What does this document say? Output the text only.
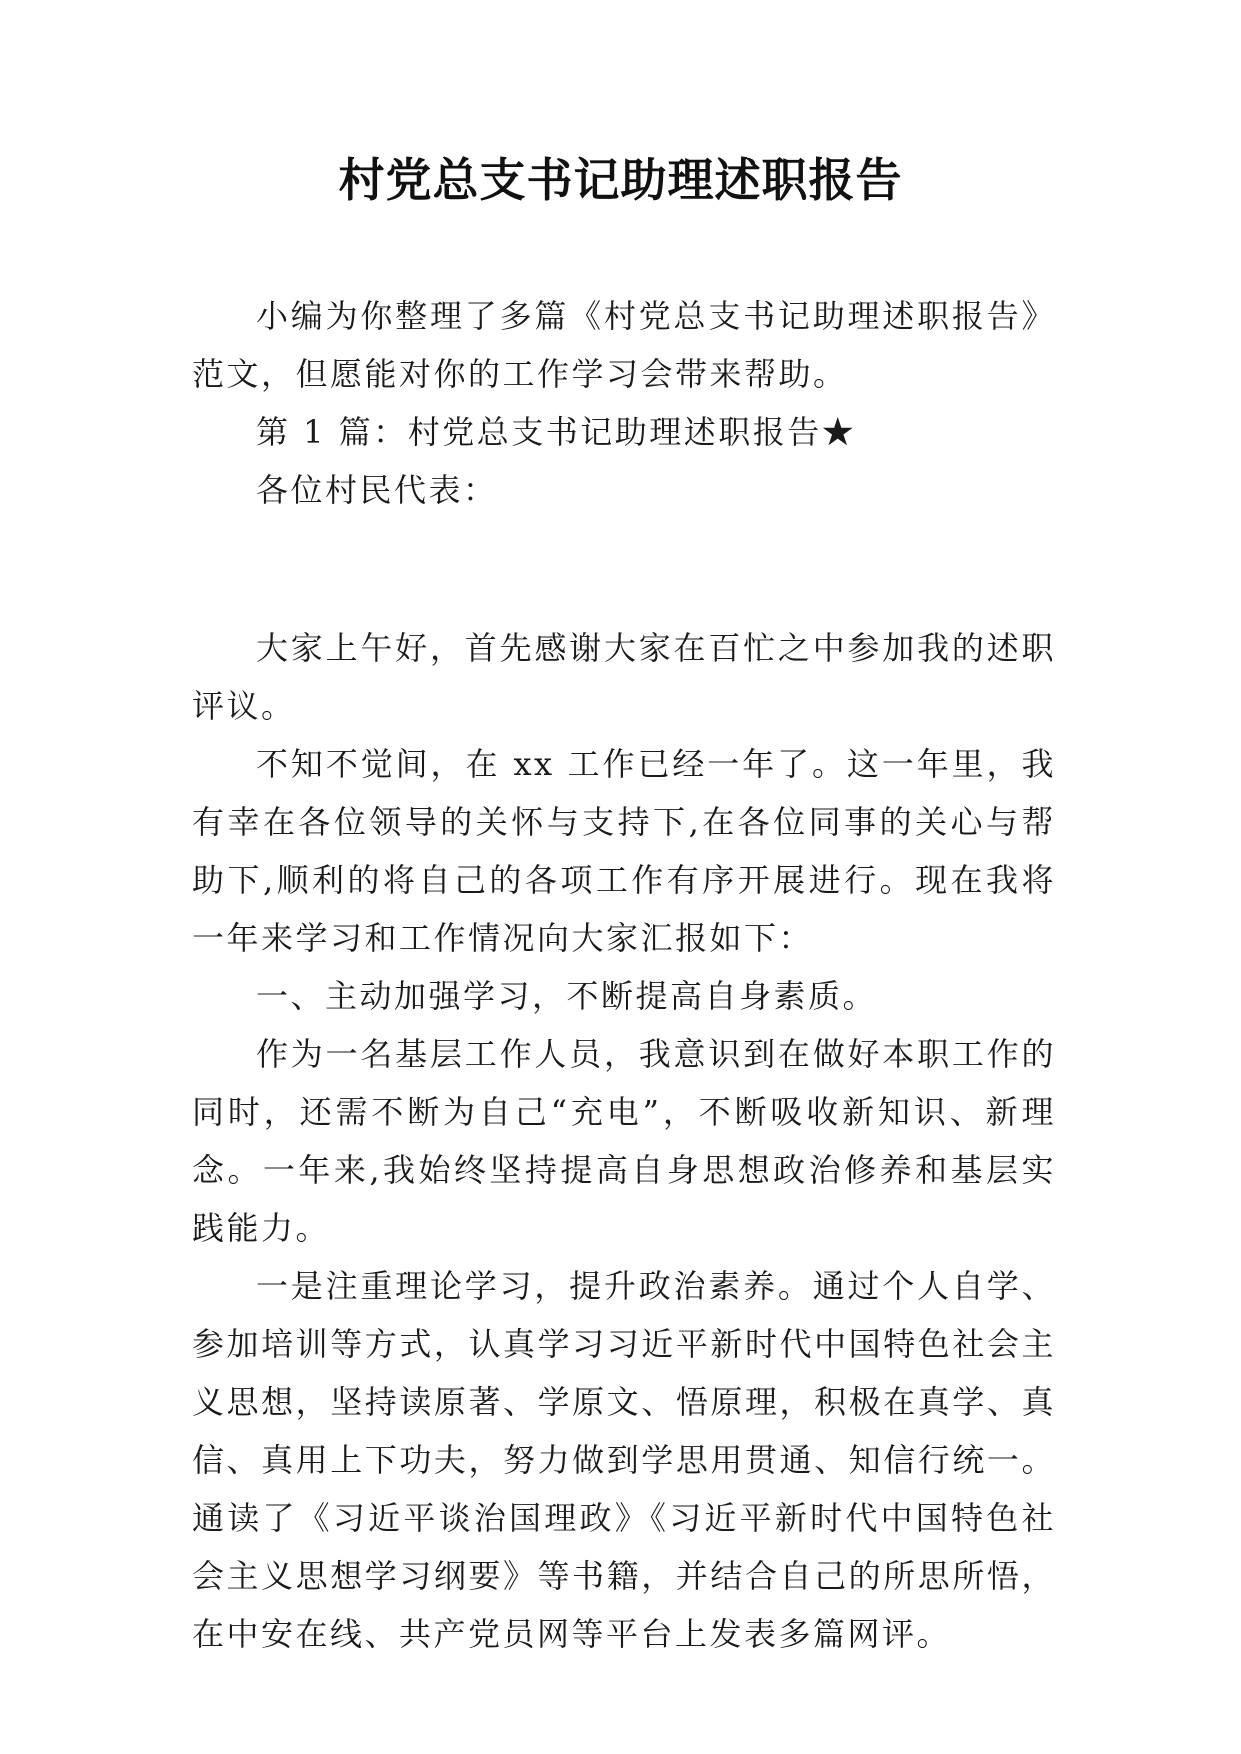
村党总支书记助理述职报告

小编为你整理了多篇《村党总支书记助理述职报告》范文，但愿能对你的工作学习会带来帮助。

第 1 篇：村党总支书记助理述职报告★

各位村民代表：

大家上午好，首先感谢大家在百忙之中参加我的述职评议。

不知不觉间，在 xx 工作已经一年了。这一年里，我有幸在各位领导的关怀与支持下,在各位同事的关心与帮助下,顺利的将自己的各项工作有序开展进行。现在我将一年来学习和工作情况向大家汇报如下：

一、主动加强学习，不断提高自身素质。

作为一名基层工作人员，我意识到在做好本职工作的同时，还需不断为自己“充电”，不断吸收新知识、新理念。一年来,我始终坚持提高自身思想政治修养和基层实践能力。

一是注重理论学习，提升政治素养。通过个人自学、参加培训等方式，认真学习习近平新时代中国特色社会主义思想，坚持读原著、学原文、悟原理，积极在真学、真信、真用上下功夫，努力做到学思用贯通、知信行统一。通读了《习近平谈治国理政》《习近平新时代中国特色社会主义思想学习纲要》等书籍，并结合自己的所思所悟，在中安在线、共产党员网等平台上发表多篇网评。
